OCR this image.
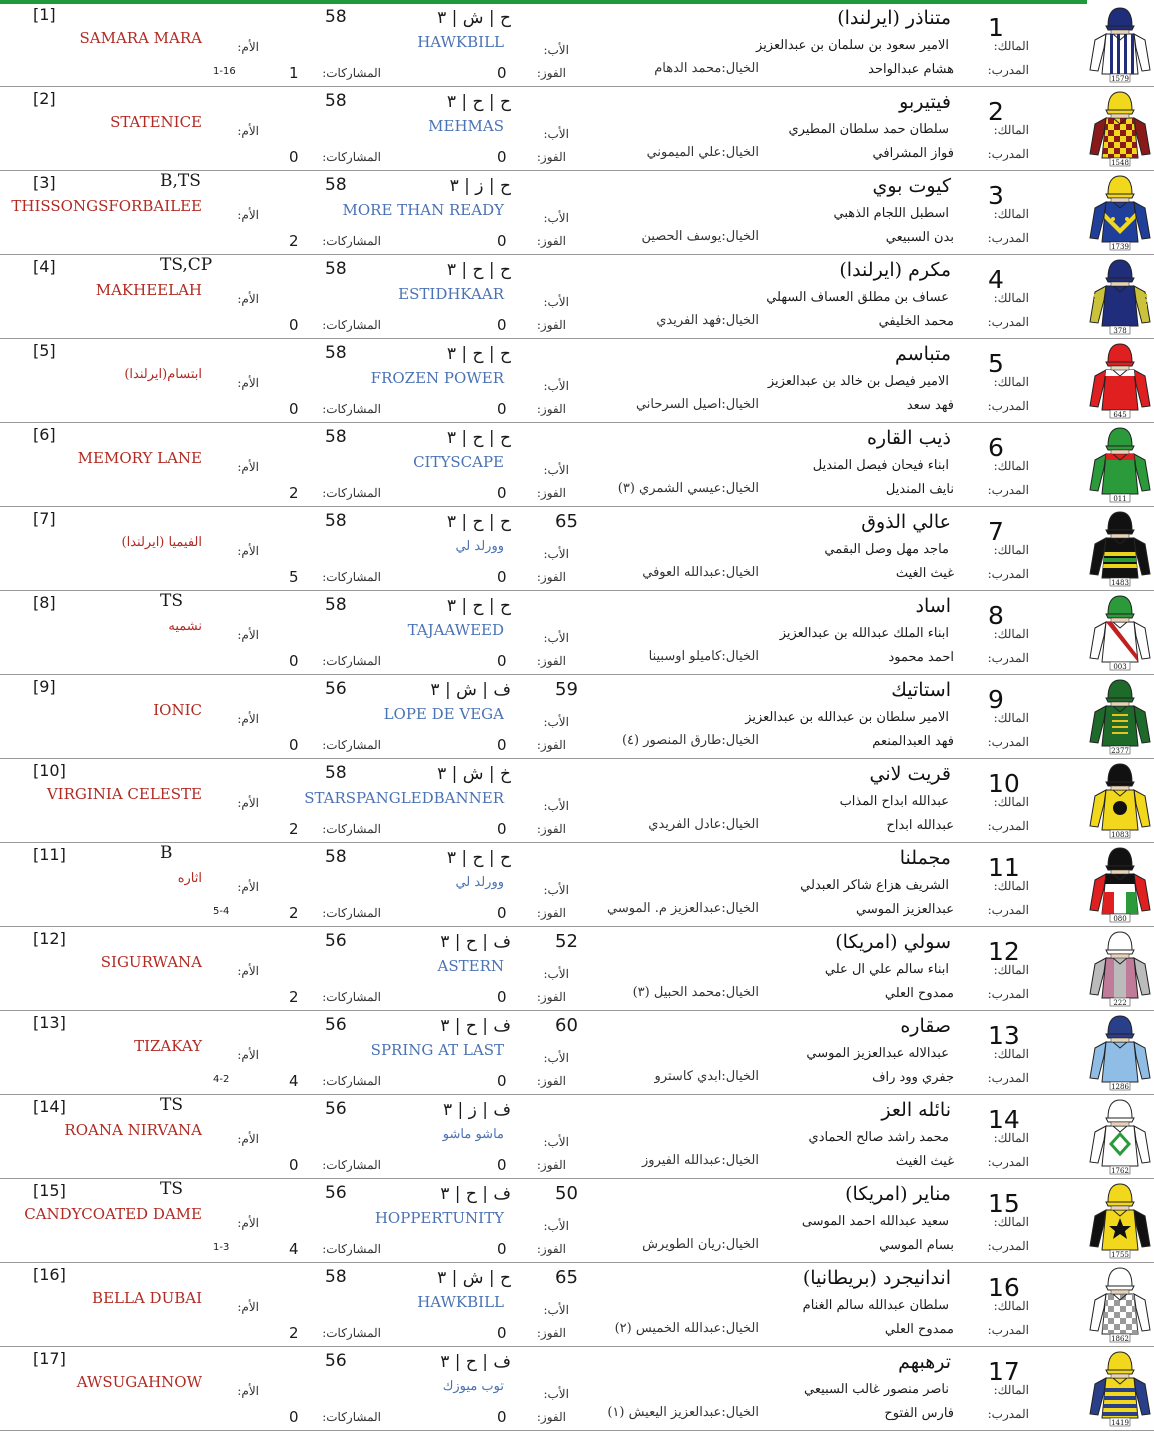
1579
1
متناذر (ايرلندا)
المالك:
الامير سعود بن سلمان بن عبدالعزيز
المدرب:
هشام عبدالواحد
الخيال:محمد الدهام
الفوز:
0
الأب:
HAWKBILL
ح | ش | ٣
58
المشاركات:
1
الأم:
SAMARA MARA
[1]
1-16
1548
2
فيتيربو
المالك:
سلطان حمد سلطان المطيري
المدرب:
فواز المشرافي
الخيال:علي الميموني
الفوز:
0
الأب:
MEHMAS
ح | ح | ٣
58
المشاركات:
0
الأم:
STATENICE
[2]
1739
3
كيوت بوي
المالك:
اسطبل اللجام الذهبي
المدرب:
بدن السبيعي
الخيال:يوسف الحصين
الفوز:
0
الأب:
MORE THAN READY
ح | ز | ٣
58
المشاركات:
2
الأم:
THISSONGSFORBAILEE
[3]	B,TS
378
4
مكرم (ايرلندا)
المالك:
عساف بن مطلق العساف السهلي
المدرب:
محمد الخليفي
الخيال:فهد الفريدي
الفوز:
0
الأب:
ESTIDHKAAR
ح | ح | ٣
58
المشاركات:
0
الأم:
MAKHEELAH
[4]	TS,CP
645
5
متباسم
المالك:
الامير فيصل بن خالد بن عبدالعزيز
المدرب:
فهد سعد
الخيال:اصيل السرحاني
الفوز:
0
الأب:
FROZEN POWER
ح | ح | ٣
58
المشاركات:
0
الأم:
ابتسام(ايرلندا)
[5]
011
6
ذيب القاره
المالك:
ابناء فيحان فيصل المنديل
المدرب:
نايف المنديل
الخيال:عيسي الشمري (٣)
الفوز:
0
الأب:
CITYSCAPE
ح | ح | ٣
58
المشاركات:
2
الأم:
MEMORY LANE
[6]
1483
7
عالي الذوق
المالك:
ماجد مهل وصل البقمي
المدرب:
غيث الغيث
الخيال:عبدالله العوفي
الفوز:
0
الأب:
وورلد لي
65
ح | ح | ٣
58
المشاركات:
5
الأم:
الفيميا (ايرلندا)
[7]
003
8
اساد
المالك:
ابناء الملك عبدالله بن عبدالعزيز
المدرب:
احمد محمود
الخيال:كاميلو اوسبينا
الفوز:
0
الأب:
TAJAAWEED
ح | ح | ٣
58
المشاركات:
0
الأم:
نشميه
[8]	TS
2377
9
استاتيك
المالك:
الامير سلطان بن عبدالله بن عبدالعزيز
المدرب:
فهد العبدالمنعم
الخيال:طارق المنصور (٤)
الفوز:
0
الأب:
LOPE DE VEGA
59
ف | ش | ٣
56
المشاركات:
0
الأم:
IONIC
[9]
1083
10
قريت لاني
المالك:
عبدالله ابداح المذاب
المدرب:
عبدالله ابداح
الخيال:عادل الفريدي
الفوز:
0
الأب:
STARSPANGLEDBANNER
خ | ش | ٣
58
المشاركات:
2
الأم:
VIRGINIA CELESTE
[10]
080
11
مجملنا
المالك:
الشريف هزاع شاكر العبدلي
المدرب:
عبدالعزيز الموسي
الخيال:عبدالعزيز م. الموسي
الفوز:
0
الأب:
وورلد لي
ح | ح | ٣
58
المشاركات:
2
الأم:
اثاره
[11]	B
5-4
222
12
سولي (امريكا)
المالك:
ابناء سالم علي ال علي
المدرب:
ممدوح العلي
الخيال:محمد الحبيل (٣)
الفوز:
0
الأب:
ASTERN
52
ف | ح | ٣
56
المشاركات:
2
الأم:
SIGURWANA
[12]
1286
13
صقاره
المالك:
عبدالاله عبدالعزيز الموسي
المدرب:
جفري وود راف
الخيال:ابدي كاسترو
الفوز:
0
الأب:
SPRING AT LAST
60
ف | ح | ٣
56
المشاركات:
4
الأم:
TIZAKAY
[13]
4-2
1762
14
نائله العز
المالك:
محمد راشد صالح الحمادي
المدرب:
غيث الغيث
الخيال:عبدالله الفيروز
الفوز:
0
الأب:
ماشو ماشو
ف | ز | ٣
56
المشاركات:
0
الأم:
ROANA NIRVANA
[14]	TS
1755
15
مناير (امريكا)
المالك:
سعيد عبدالله احمد الموسى
المدرب:
بسام الموسي
الخيال:ريان الطويرش
الفوز:
0
الأب:
HOPPERTUNITY
50
ف | ح | ٣
56
المشاركات:
4
الأم:
CANDYCOATED DAME
[15]	TS
1-3
1862
16
اندانيجرد (بريطانيا)
المالك:
سلطان عبدالله سالم الغنام
المدرب:
ممدوح العلي
الخيال:عبدالله الخميس (٢)
الفوز:
0
الأب:
HAWKBILL
65
ح | ش | ٣
58
المشاركات:
2
الأم:
BELLA DUBAI
[16]
1419
17
ترهبهم
المالك:
ناصر منصور غالب السبيعي
المدرب:
فارس الفتوح
الخيال:عبدالعزيز اليعيش (١)
الفوز:
0
الأب:
توب ميوزك
ف | ح | ٣
56
المشاركات:
0
الأم:
AWSUGAHNOW
[17]
